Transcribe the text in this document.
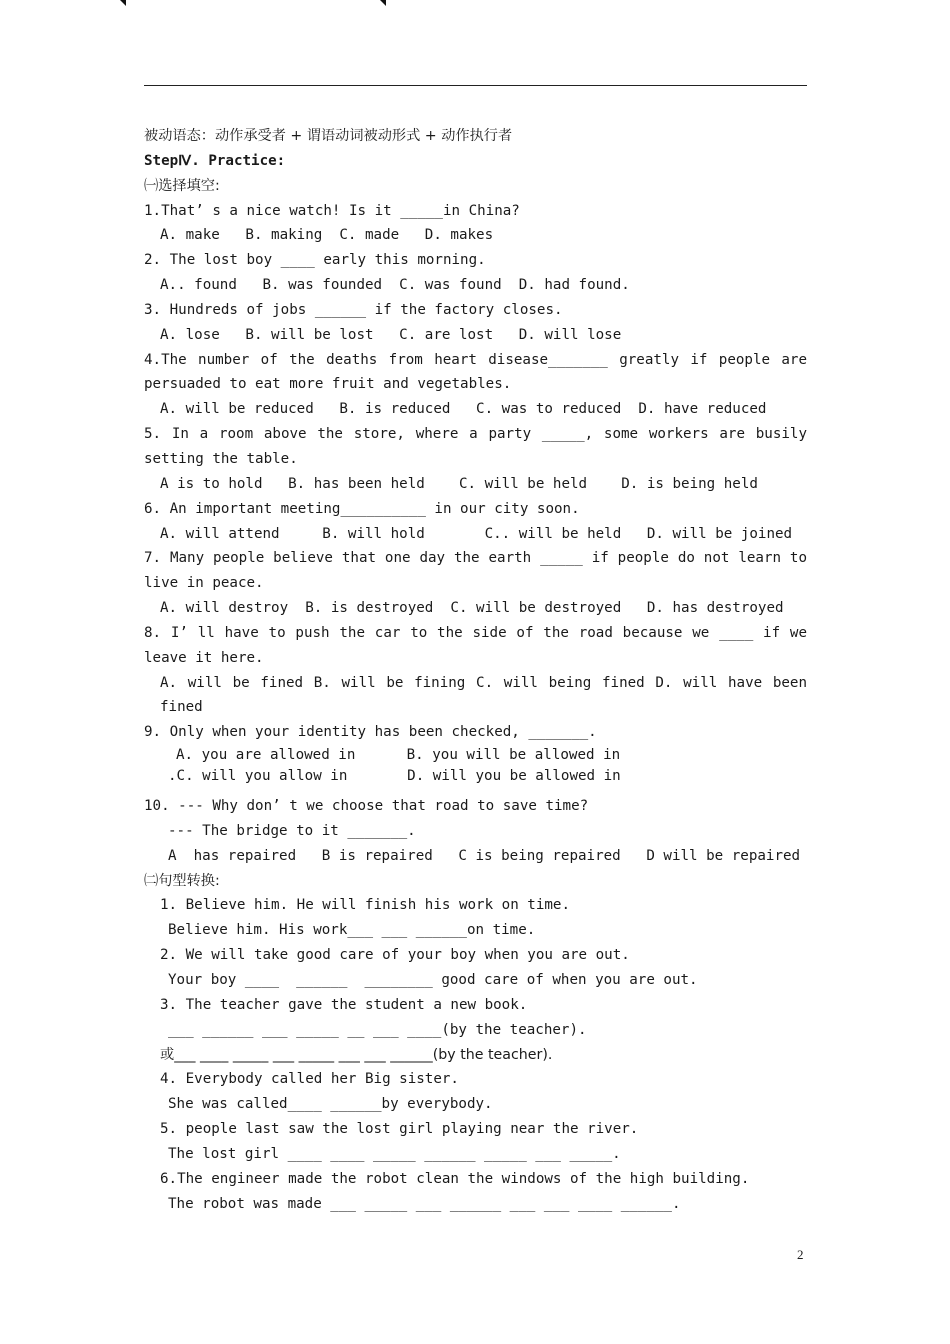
被动语态：动作承受者 + 谓语动词被动形式 + 动作执行者
StepⅣ. Practice:
㈠选择填空:
1.That’ s a nice watch! Is it _____in China?
A. make   B. making  C. made   D. makes
2. The lost boy ____ early this morning.
A.. found   B. was founded  C. was found  D. had found.
3. Hundreds of jobs ______ if the factory closes.
A. lose   B. will be lost   C. are lost   D. will lose
4.The number of the deaths from heart disease_______ greatly if people are persuaded to eat more fruit and vegetables.
A. will be reduced   B. is reduced   C. was to reduced  D. have reduced
5. In a room above the store, where a party _____, some workers are busily setting the table.
A is to hold   B. has been held    C. will be held    D. is being held
6. An important meeting__________ in our city soon.
A. will attend     B. will hold       C.. will be held   D. will be joined
7. Many people believe that one day the earth _____ if people do not learn to live in peace.
A. will destroy  B. is destroyed  C. will be destroyed   D. has destroyed
8. I’ ll have to push the car to the side of the road because we ____ if we leave it here.
A. will be fined B. will be fining C. will being fined D. will have been fined
9. Only when your identity has been checked, _______.
A. you are allowed in      B. you will be allowed in
.C. will you allow in       D. will you be allowed in
10. --- Why don’ t we choose that road to save time?
--- The bridge to it _______.
A  has repaired   B is repaired   C is being repaired   D will be repaired
㈡句型转换:
1. Believe him. He will finish his work on time.
Believe him. His work___ ___ ______on time.
2. We will take good care of your boy when you are out.
Your boy ____  ______  ________ good care of when you are out.
3. The teacher gave the student a new book.
___ ______ ___ _____ __ ___ ____(by the teacher).
或___ ____ _____ ___ _____ ___ ___ ______(by the teacher).
4. Everybody called her Big sister.
She was called____ ______by everybody.
5. people last saw the lost girl playing near the river.
The lost girl ____ ____ _____ ______ _____ ___ _____.
6.The engineer made the robot clean the windows of the high building.
The robot was made ___ _____ ___ ______ ___ ___ ____ ______.
2
